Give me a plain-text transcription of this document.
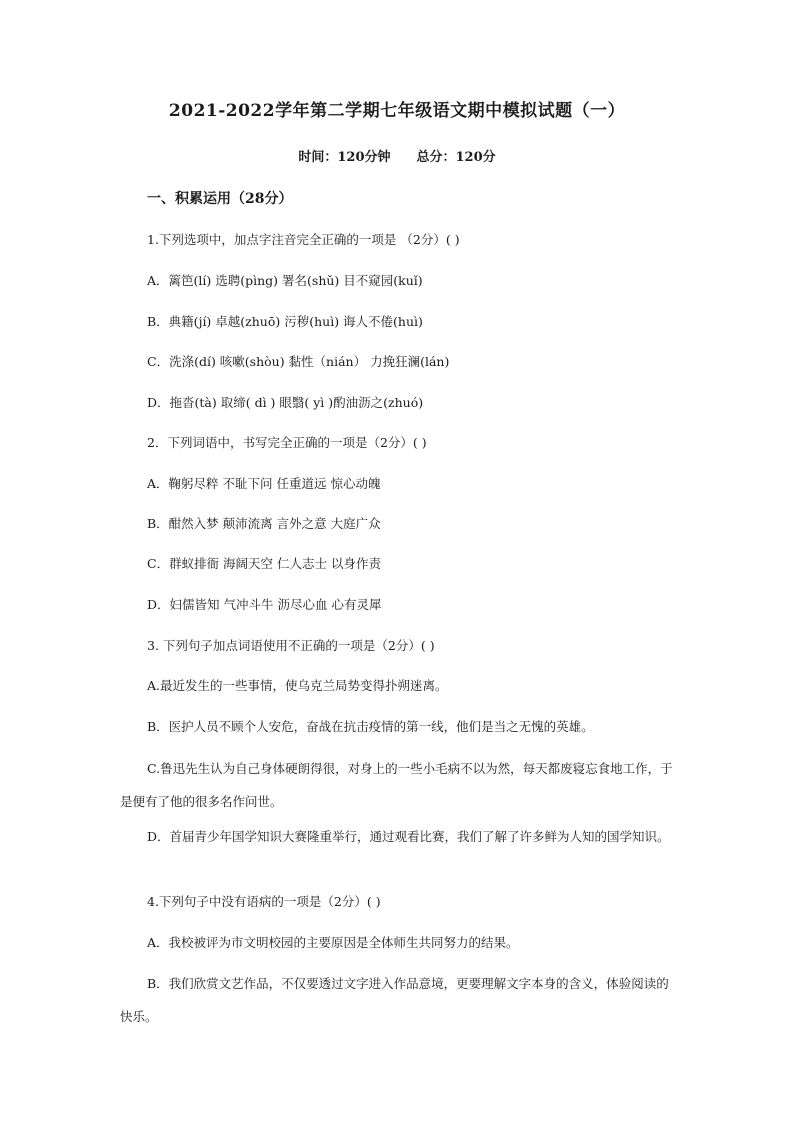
2021-2022学年第二学期七年级语文期中模拟试题（一）
时间：120分钟 总分：120分
一、积累运用（28分）
1.下列选项中，加点字注音完全正确的一项是 （2分）( )
A．篱笆(lí) 选聘(pìng) 署名(shǔ) 目不窥园(kuǐ)
B．典籍(jí) 卓越(zhuō) 污秽(huì) 诲人不倦(huì)
C．洗涤(dí) 咳嗽(shòu) 黏性（nián） 力挽狂澜(lán)
D．拖沓(tà) 取缔( dì ) 眼翳( yì )酌油沥之(zhuó)
2．下列词语中，书写完全正确的一项是（2分）( )
A．鞠躬尽粹 不耻下问 任重道远 惊心动魄
B．酣然入梦 颠沛流离 言外之意 大庭广众
C．群蚁排衙 海阔天空 仁人志士 以身作责
D．妇儒皆知 气冲斗牛 沥尽心血 心有灵犀
3. 下列句子加点词语使用不正确的一项是（2分）( )
A.最近发生的一些事情，使乌克兰局势变得扑朔迷离。
B．医护人员不顾个人安危，奋战在抗击疫情的第一线，他们是当之无愧的英雄。
C.鲁迅先生认为自己身体硬朗得很，对身上的一些小毛病不以为然，每天都废寝忘食地工作，于是便有了他的很多名作问世。
D．首届青少年国学知识大赛隆重举行，通过观看比赛，我们了解了许多鲜为人知的国学知识。
4.下列句子中没有语病的一项是（2分）( )
A．我校被评为市文明校园的主要原因是全体师生共同努力的结果。
B．我们欣赏文艺作品，不仅要透过文字进入作品意境，更要理解文字本身的含义，体验阅读的快乐。
